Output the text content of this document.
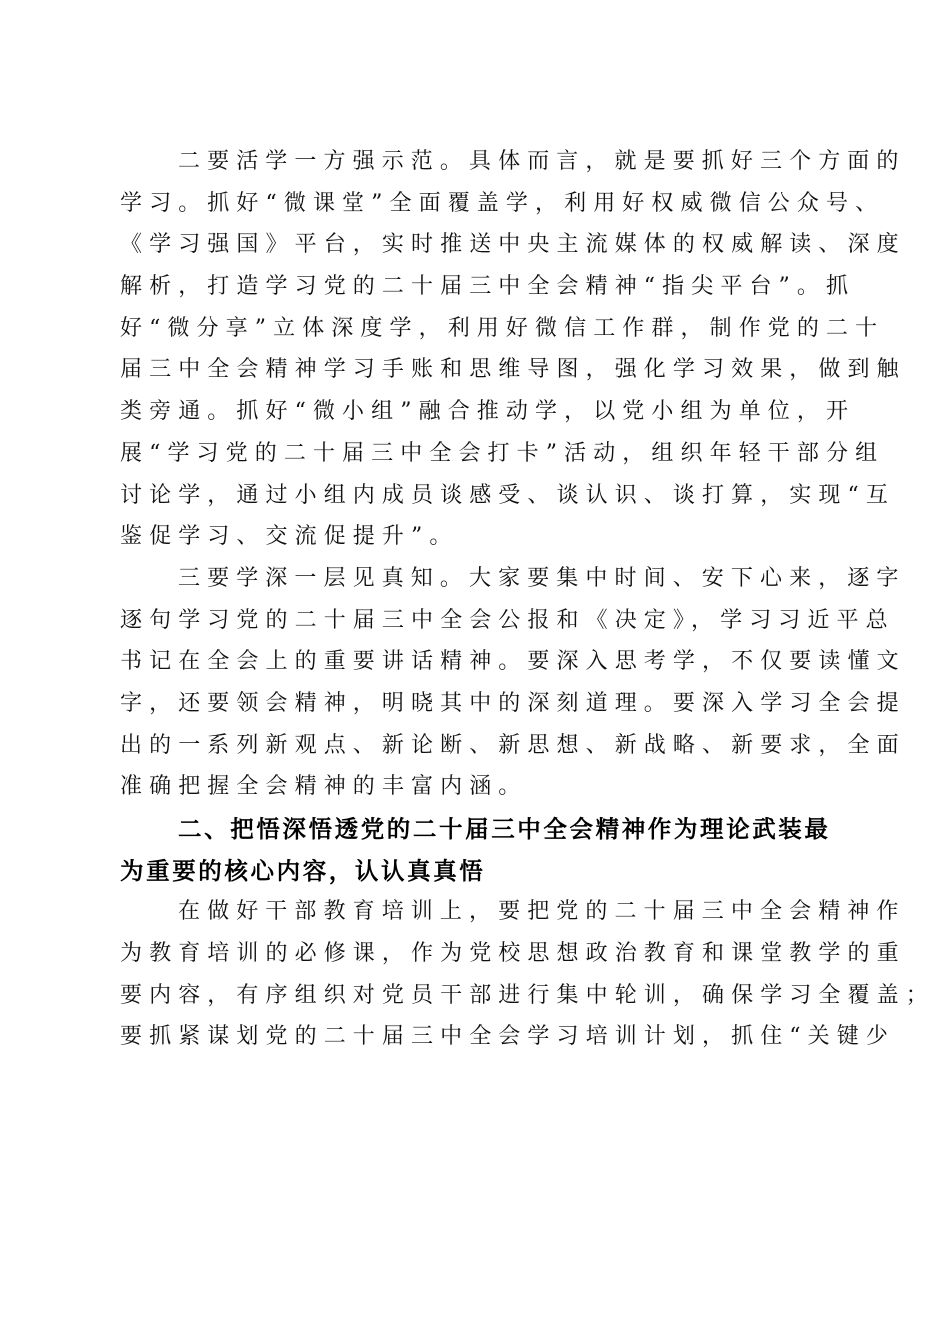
二要活学一方强示范。具体而言，就是要抓好三个方面的
学习。抓好“微课堂”全面覆盖学，利用好权威微信公众号、
《学习强国》平台，实时推送中央主流媒体的权威解读、深度
解析，打造学习党的二十届三中全会精神“指尖平台”。抓
好“微分享”立体深度学，利用好微信工作群，制作党的二十
届三中全会精神学习手账和思维导图，强化学习效果，做到触
类旁通。抓好“微小组”融合推动学，以党小组为单位，开
展“学习党的二十届三中全会打卡”活动，组织年轻干部分组
讨论学，通过小组内成员谈感受、谈认识、谈打算，实现“互
鉴促学习、交流促提升”。
三要学深一层见真知。大家要集中时间、安下心来，逐字
逐句学习党的二十届三中全会公报和《决定》，学习习近平总
书记在全会上的重要讲话精神。要深入思考学，不仅要读懂文
字，还要领会精神，明晓其中的深刻道理。要深入学习全会提
出的一系列新观点、新论断、新思想、新战略、新要求，全面
准确把握全会精神的丰富内涵。
二、把悟深悟透党的二十届三中全会精神作为理论武装最
为重要的核心内容，认认真真悟
在做好干部教育培训上，要把党的二十届三中全会精神作
为教育培训的必修课，作为党校思想政治教育和课堂教学的重
要内容，有序组织对党员干部进行集中轮训，确保学习全覆盖；
要抓紧谋划党的二十届三中全会学习培训计划，抓住“关键少
